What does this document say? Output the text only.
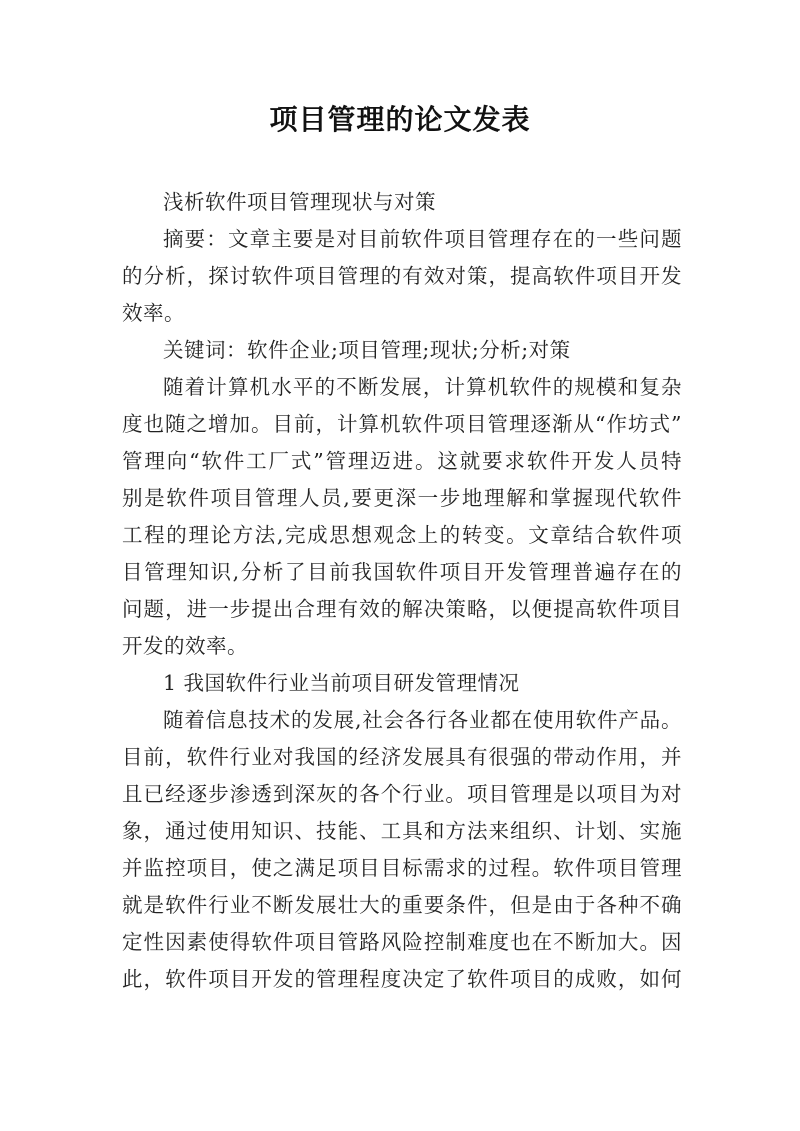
项目管理的论文发表
浅析软件项目管理现状与对策
摘要：文章主要是对目前软件项目管理存在的一些问题
的分析，探讨软件项目管理的有效对策，提高软件项目开发
效率。
关键词：软件企业;项目管理;现状;分析;对策
随着计算机水平的不断发展，计算机软件的规模和复杂
度也随之增加。目前，计算机软件项目管理逐渐从“作坊式”
管理向“软件工厂式”管理迈进。这就要求软件开发人员特
别是软件项目管理人员,要更深一步地理解和掌握现代软件
工程的理论方法,完成思想观念上的转变。文章结合软件项
目管理知识,分析了目前我国软件项目开发管理普遍存在的
问题，进一步提出合理有效的解决策略，以便提高软件项目
开发的效率。
1 我国软件行业当前项目研发管理情况
随着信息技术的发展,社会各行各业都在使用软件产品。
目前，软件行业对我国的经济发展具有很强的带动作用，并
且已经逐步渗透到深灰的各个行业。项目管理是以项目为对
象，通过使用知识、技能、工具和方法来组织、计划、实施
并监控项目，使之满足项目目标需求的过程。软件项目管理
就是软件行业不断发展壮大的重要条件，但是由于各种不确
定性因素使得软件项目管路风险控制难度也在不断加大。因
此，软件项目开发的管理程度决定了软件项目的成败，如何
